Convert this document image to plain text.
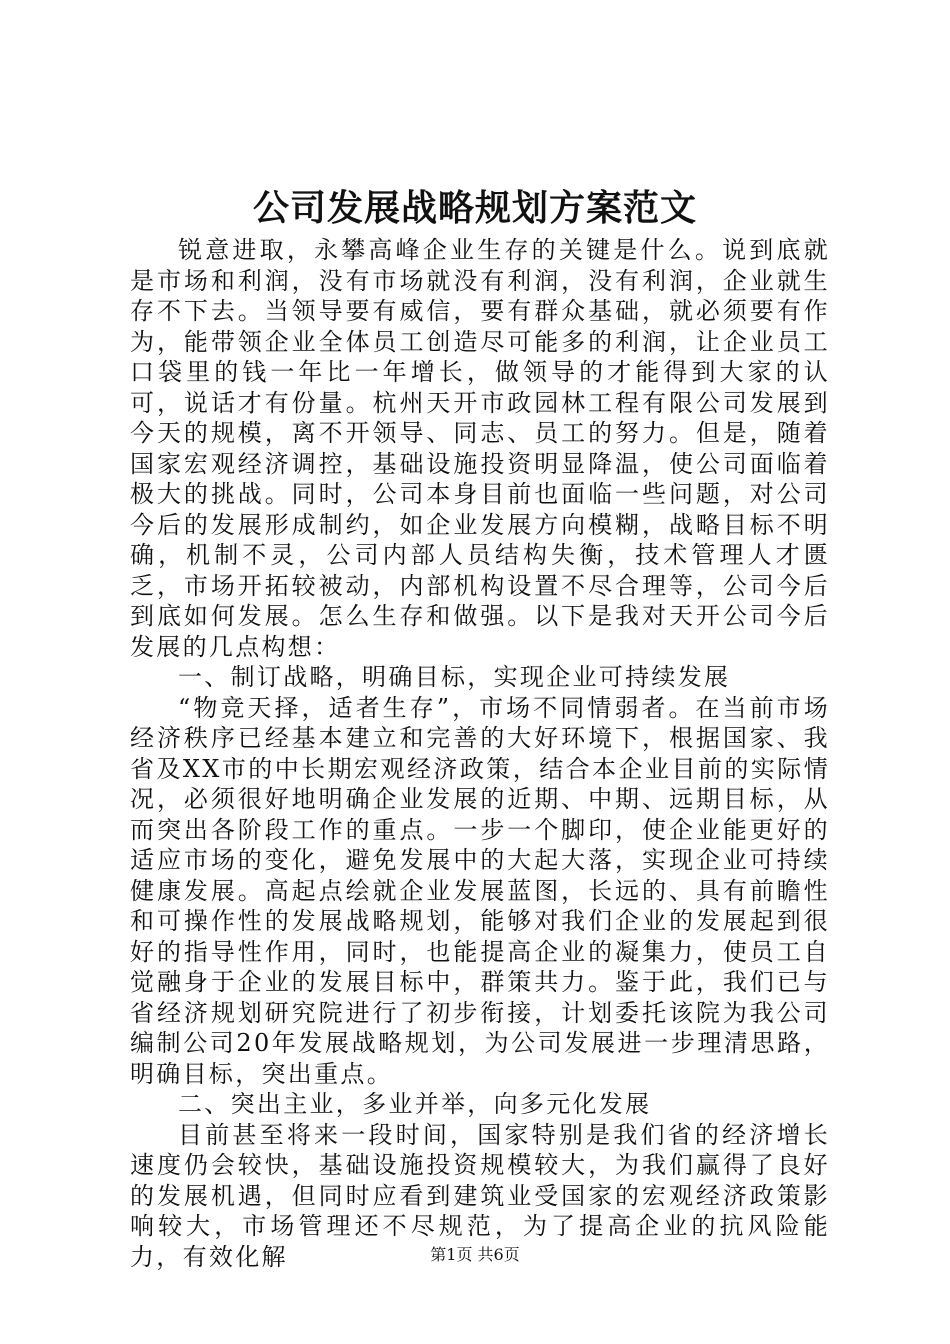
公司发展战略规划方案范文

锐意进取，永攀高峰企业生存的关键是什么。说到底就是市场和利润，没有市场就没有利润，没有利润，企业就生存不下去。当领导要有威信，要有群众基础，就必须要有作为，能带领企业全体员工创造尽可能多的利润，让企业员工口袋里的钱一年比一年增长，做领导的才能得到大家的认可，说话才有份量。杭州天开市政园林工程有限公司发展到今天的规模，离不开领导、同志、员工的努力。但是，随着国家宏观经济调控，基础设施投资明显降温，使公司面临着极大的挑战。同时，公司本身目前也面临一些问题，对公司今后的发展形成制约，如企业发展方向模糊，战略目标不明确，机制不灵，公司内部人员结构失衡，技术管理人才匮乏，市场开拓较被动，内部机构设置不尽合理等，公司今后到底如何发展。怎么生存和做强。以下是我对天开公司今后发展的几点构想：

一、制订战略，明确目标，实现企业可持续发展

“物竞天择，适者生存”，市场不同情弱者。在当前市场经济秩序已经基本建立和完善的大好环境下，根据国家、我省及XX市的中长期宏观经济政策，结合本企业目前的实际情况，必须很好地明确企业发展的近期、中期、远期目标，从而突出各阶段工作的重点。一步一个脚印，使企业能更好的适应市场的变化，避免发展中的大起大落，实现企业可持续健康发展。高起点绘就企业发展蓝图，长远的、具有前瞻性和可操作性的发展战略规划，能够对我们企业的发展起到很好的指导性作用，同时，也能提高企业的凝集力，使员工自觉融身于企业的发展目标中，群策共力。鉴于此，我们已与省经济规划研究院进行了初步衔接，计划委托该院为我公司编制公司20年发展战略规划，为公司发展进一步理清思路，明确目标，突出重点。

二、突出主业，多业并举，向多元化发展

目前甚至将来一段时间，国家特别是我们省的经济增长速度仍会较快，基础设施投资规模较大，为我们赢得了良好的发展机遇，但同时应看到建筑业受国家的宏观经济政策影响较大，市场管理还不尽规范，为了提高企业的抗风险能力，有效化解	第1页 共6页
